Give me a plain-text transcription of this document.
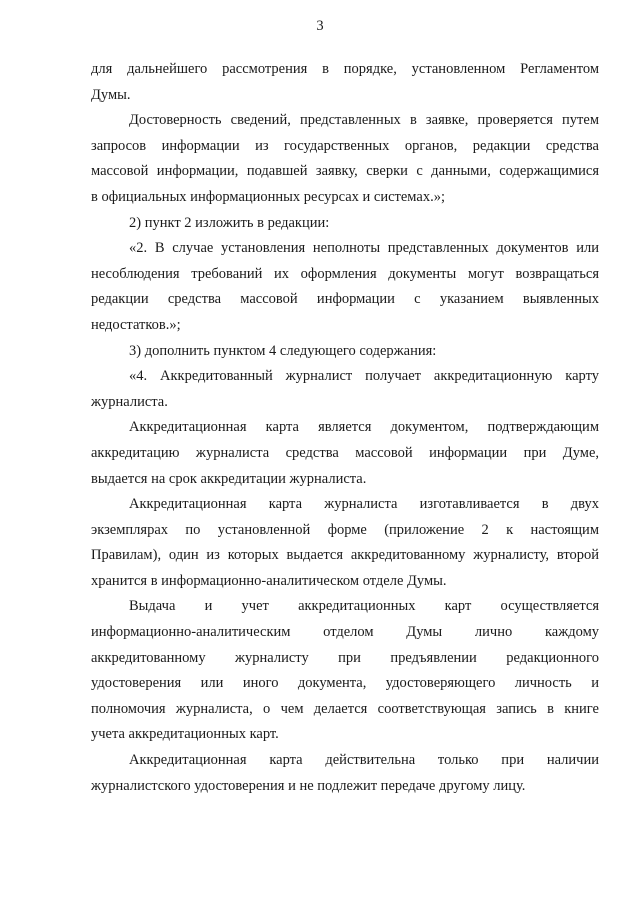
3
для дальнейшего рассмотрения в порядке, установленном Регламентом
Думы.
Достоверность сведений, представленных в заявке, проверяется путем
запросов информации из государственных органов, редакции средства
массовой информации, подавшей заявку, сверки с данными, содержащимися
в официальных информационных ресурсах и системах.»;
2) пункт 2 изложить в редакции:
«2. В случае установления неполноты представленных документов или
несоблюдения требований их оформления документы могут возвращаться
редакции средства массовой информации с указанием выявленных
недостатков.»;
3) дополнить пунктом 4 следующего содержания:
«4. Аккредитованный журналист получает аккредитационную карту
журналиста.
Аккредитационная карта является документом, подтверждающим
аккредитацию журналиста средства массовой информации при Думе,
выдается на срок аккредитации журналиста.
Аккредитационная карта журналиста изготавливается в двух
экземплярах по установленной форме (приложение 2 к настоящим
Правилам), один из которых выдается аккредитованному журналисту, второй
хранится в информационно-аналитическом отделе Думы.
Выдача и учет аккредитационных карт осуществляется
информационно-аналитическим отделом Думы лично каждому
аккредитованному журналисту при предъявлении редакционного
удостоверения или иного документа, удостоверяющего личность и
полномочия журналиста, о чем делается соответствующая запись в книге
учета аккредитационных карт.
Аккредитационная карта действительна только при наличии
журналистского удостоверения и не подлежит передаче другому лицу.
